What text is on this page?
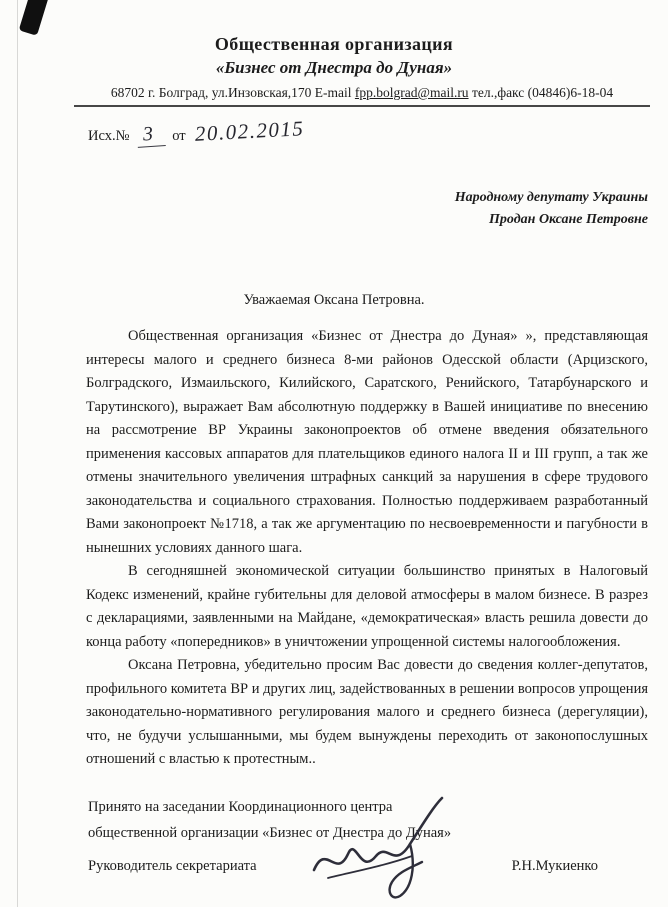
Общественная организация
«Бизнес от Днестра до Дуная»
68702 г. Болград, ул.Инзовская,170 E-mail fpp.bolgrad@mail.ru тел.,факс (04846)6-18-04
Исх.№ 3 от 20.02.2015
Народному депутату Украины
Продан Оксане Петровне
Уважаемая Оксана Петровна.

Общественная организация «Бизнес от Днестра до Дуная» », представляющая интересы малого и среднего бизнеса 8-ми районов Одесской области (Арцизского, Болградского, Измаильского, Килийского, Саратского, Ренийского, Татарбунарского и Тарутинского), выражает Вам абсолютную поддержку в Вашей инициативе по внесению на рассмотрение ВР Украины законопроектов об отмене введения обязательного применения кассовых аппаратов для плательщиков единого налога II и III групп, а так же отмены значительного увеличения штрафных санкций за нарушения в сфере трудового законодательства и социального страхования. Полностью поддерживаем разработанный Вами законопроект №1718, а так же аргументацию по несвоевременности и пагубности в нынешних условиях данного шага.

В сегодняшней экономической ситуации большинство принятых в Налоговый Кодекс изменений, крайне губительны для деловой атмосферы в малом бизнесе. В разрез с декларациями, заявленными на Майдане, «демократическая» власть решила довести до конца работу «попередников» в уничтожении упрощенной системы налогообложения.

Оксана Петровна, убедительно просим Вас довести до сведения коллег-депутатов, профильного комитета ВР и других лиц, задействованных в решении вопросов упрощения законодательно-нормативного регулирования малого и среднего бизнеса (дерегуляции), что, не будучи услышанными, мы будем вынуждены переходить от законопослушных отношений с властью к протестным..

Принято на заседании Координационного центра
общественной организации «Бизнес от Днестра до Дуная»
Руководитель секретариата	Р.Н.Мукиенко
